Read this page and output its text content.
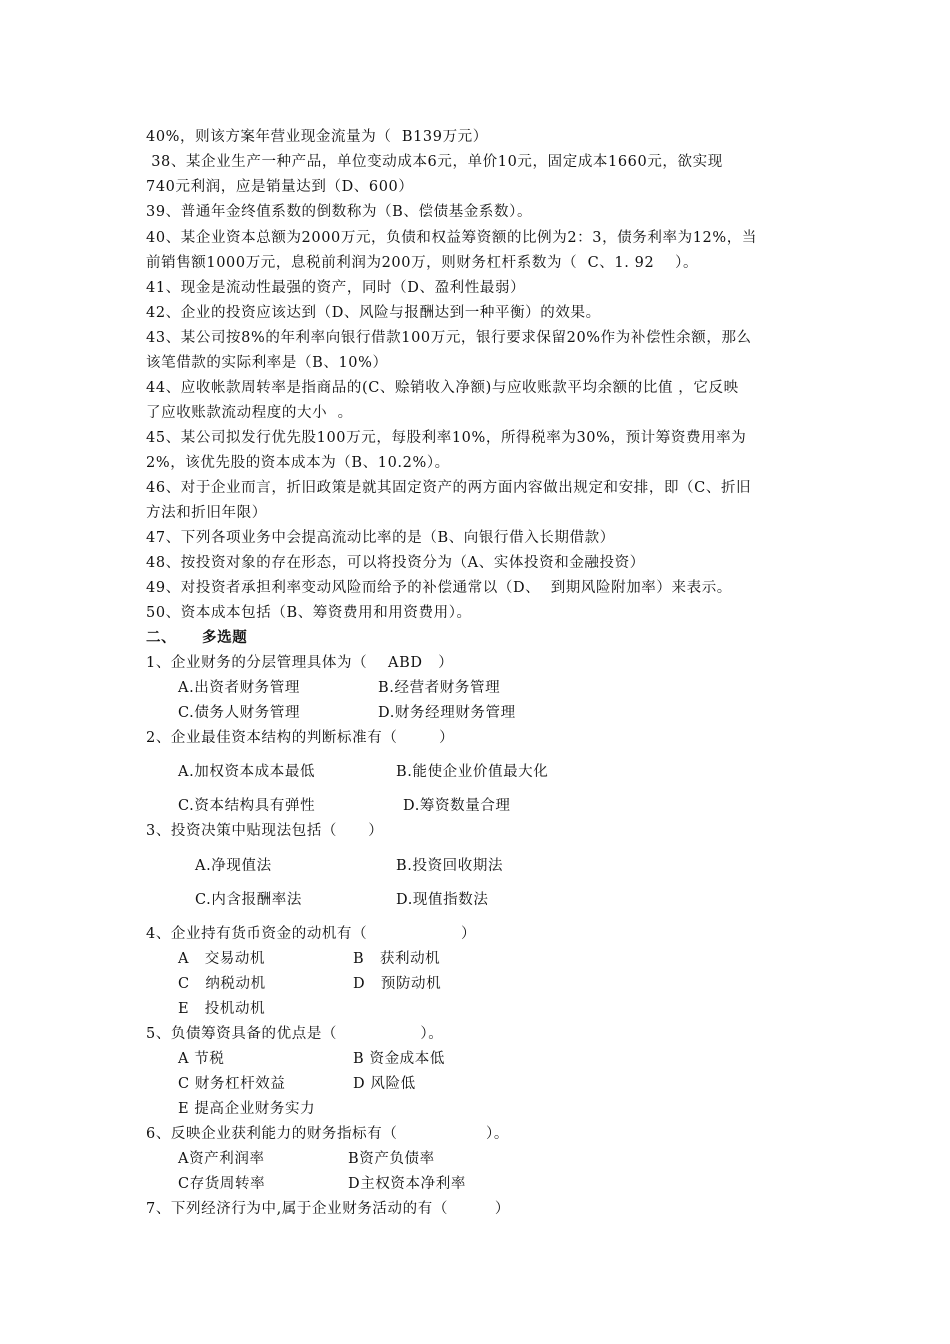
40%，则该方案年营业现金流量为（  B139万元）
38、某企业生产一种产品，单位变动成本6元，单价10元，固定成本1660元，欲实现
740元利润，应是销量达到（D、600）
39、普通年金终值系数的倒数称为（B、偿债基金系数）。
40、某企业资本总额为2000万元，负债和权益筹资额的比例为2：3，债务利率为12%，当
前销售额1000万元，息税前利润为200万，则财务杠杆系数为（  C、1. 92    ）。
41、现金是流动性最强的资产，同时（D、盈利性最弱）
42、企业的投资应该达到（D、风险与报酬达到一种平衡）的效果。
43、某公司按8%的年利率向银行借款100万元，银行要求保留20%作为补偿性余额，那么
该笔借款的实际利率是（B、10%）
44、应收帐款周转率是指商品的(C、赊销收入净额)与应收账款平均余额的比值 ，它反映
了应收账款流动程度的大小  。
45、某公司拟发行优先股100万元，每股利率10%，所得税率为30%，预计筹资费用率为
2%，该优先股的资本成本为（B、10.2%）。
46、对于企业而言，折旧政策是就其固定资产的两方面内容做出规定和安排，即（C、折旧
方法和折旧年限）
47、下列各项业务中会提高流动比率的是（B、向银行借入长期借款）
48、按投资对象的存在形态，可以将投资分为（A、实体投资和金融投资）
49、对投资者承担利率变动风险而给予的补偿通常以（D、  到期风险附加率）来表示。
50、资本成本包括（B、筹资费用和用资费用）。
二、 多选题
1、企业财务的分层管理具体为（    ABD   ）
A.出资者财务管理	B.经营者财务管理
C.债务人财务管理	D.财务经理财务管理
2、企业最佳资本结构的判断标准有（        ）
A.加权资本成本最低	B.能使企业价值最大化
C.资本结构具有弹性	D.筹资数量合理
3、投资决策中贴现法包括（      ）
A.净现值法	B.投资回收期法
C.内含报酬率法	D.现值指数法
4、企业持有货币资金的动机有（                  ）
A   交易动机	B   获利动机
C   纳税动机	D   预防动机
E   投机动机
5、负债筹资具备的优点是（                ）。
A 节税	B 资金成本低
C 财务杠杆效益	D 风险低
E 提高企业财务实力
6、反映企业获利能力的财务指标有（                 ）。
A资产利润率	B资产负债率
C存货周转率	D主权资本净利率
7、下列经济行为中,属于企业财务活动的有（         ）
